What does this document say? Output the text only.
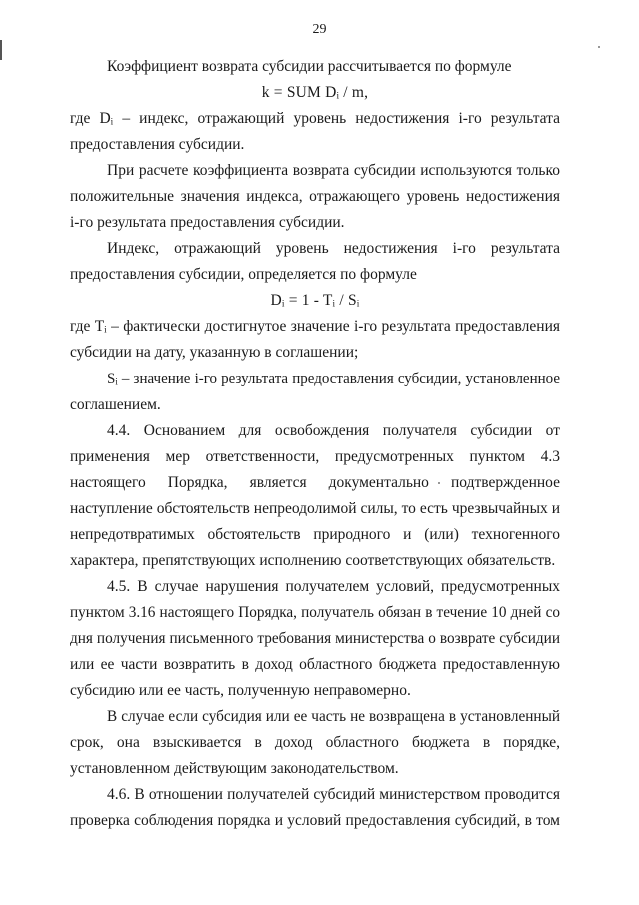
29
Коэффициент возврата субсидии рассчитывается по формуле
k = SUM Dᵢ / m,
где Dᵢ – индекс, отражающий уровень недостижения i-го результата
предоставления субсидии.
При расчете коэффициента возврата субсидии используются только
положительные значения индекса, отражающего уровень недостижения
i-го результата предоставления субсидии.
Индекс, отражающий уровень недостижения i-го результата
предоставления субсидии, определяется по формуле
Dᵢ = 1 - Tᵢ / Sᵢ
где Tᵢ – фактически достигнутое значение i-го результата предоставления
субсидии на дату, указанную в соглашении;
Sᵢ – значение i-го результата предоставления субсидии, установленное
соглашением.
4.4. Основанием для освобождения получателя субсидии от
применения мер ответственности, предусмотренных пунктом 4.3
настоящего Порядка, является документально подтвержденное
наступление обстоятельств непреодолимой силы, то есть чрезвычайных и
непредотвратимых обстоятельств природного и (или) техногенного
характера, препятствующих исполнению соответствующих обязательств.
4.5. В случае нарушения получателем условий, предусмотренных
пунктом 3.16 настоящего Порядка, получатель обязан в течение 10 дней со
дня получения письменного требования министерства о возврате субсидии
или ее части возвратить в доход областного бюджета предоставленную
субсидию или ее часть, полученную неправомерно.
В случае если субсидия или ее часть не возвращена в установленный
срок, она взыскивается в доход областного бюджета в порядке,
установленном действующим законодательством.
4.6. В отношении получателей субсидий министерством проводится
проверка соблюдения порядка и условий предоставления субсидий, в том
